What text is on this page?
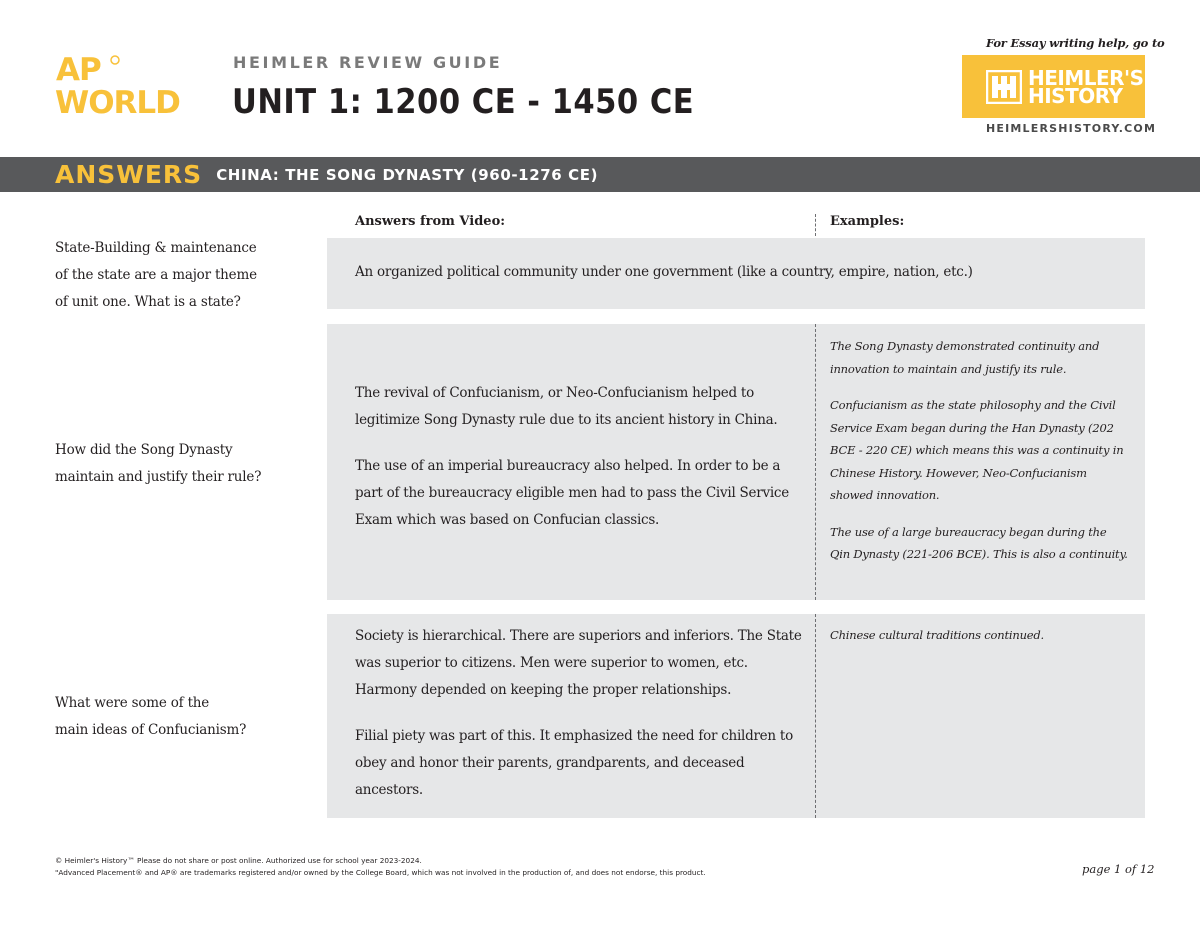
AP
WORLD
HEIMLER REVIEW GUIDE
UNIT 1: 1200 CE - 1450 CE
For Essay writing help, go to
HEIMLER'S
HISTORY
HEIMLERSHISTORY.COM
ANSWERS CHINA: THE SONG DYNASTY (960-1276 CE)
Answers from Video:	Examples:
State-Building & maintenance
of the state are a major theme
of unit one. What is a state?

An organized political community under one government (like a country, empire, nation, etc.)

How did the Song Dynasty
maintain and justify their rule?

The revival of Confucianism, or Neo-Confucianism helped to legitimize Song Dynasty rule due to its ancient history in China.

The use of an imperial bureaucracy also helped. In order to be a part of the bureaucracy eligible men had to pass the Civil Service Exam which was based on Confucian classics.

The Song Dynasty demonstrated continuity and innovation to maintain and justify its rule.

Confucianism as the state philosophy and the Civil Service Exam began during the Han Dynasty (202 BCE - 220 CE) which means this was a continuity in Chinese History. However, Neo-Confucianism showed innovation.

The use of a large bureaucracy began during the Qin Dynasty (221-206 BCE). This is also a continuity.

What were some of the
main ideas of Confucianism?

Society is hierarchical. There are superiors and inferiors. The State was superior to citizens. Men were superior to women, etc. Harmony depended on keeping the proper relationships.

Filial piety was part of this. It emphasized the need for children to obey and honor their parents, grandparents, and deceased ancestors.

Chinese cultural traditions continued.

© Heimler's History™ Please do not share or post online. Authorized use for school year 2023-2024.
"Advanced Placement® and AP® are trademarks registered and/or owned by the College Board, which was not involved in the production of, and does not endorse, this product.	page 1 of 12
